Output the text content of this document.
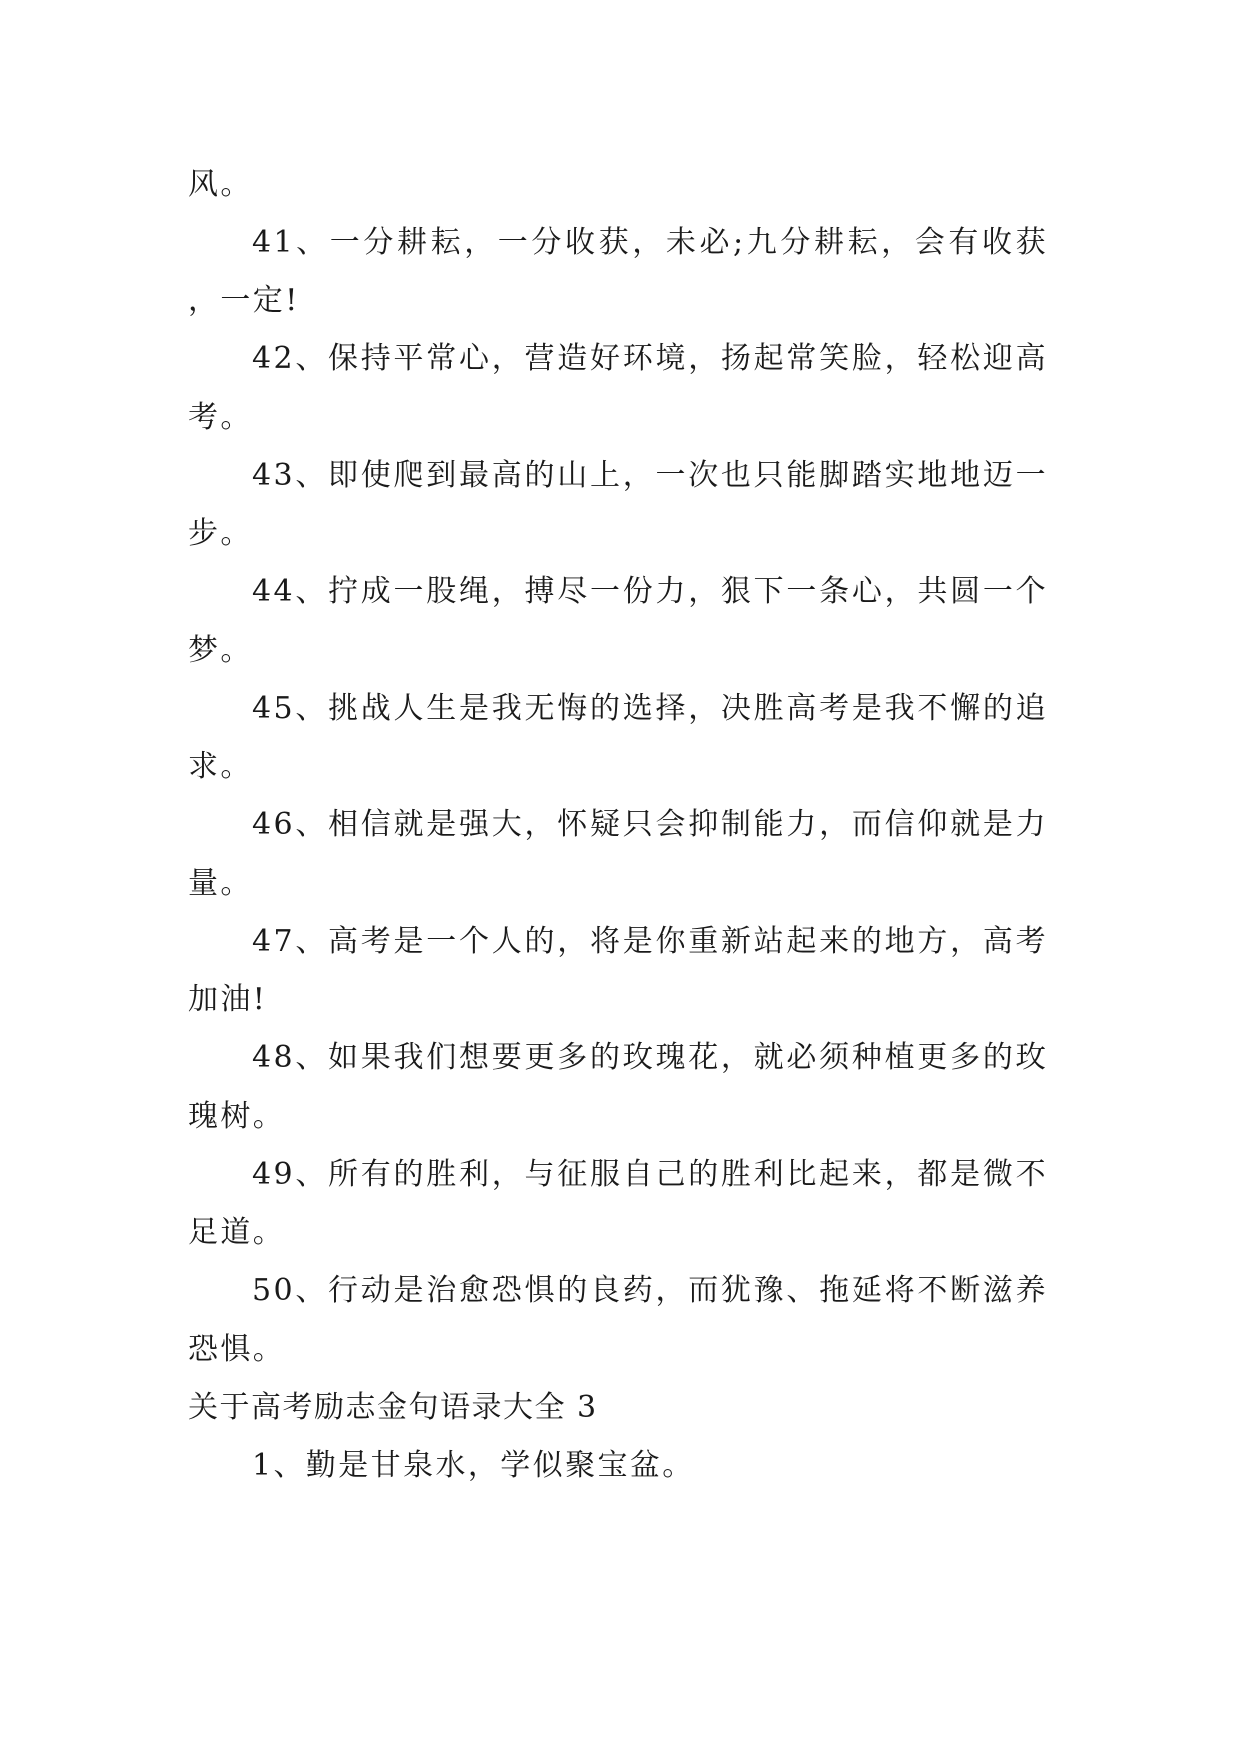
风。

41、一分耕耘，一分收获，未必;九分耕耘，会有收获，一定!

42、保持平常心，营造好环境，扬起常笑脸，轻松迎高考。

43、即使爬到最高的山上，一次也只能脚踏实地地迈一步。

44、拧成一股绳，搏尽一份力，狠下一条心，共圆一个梦。

45、挑战人生是我无悔的选择，决胜高考是我不懈的追求。

46、相信就是强大，怀疑只会抑制能力，而信仰就是力量。

47、高考是一个人的，将是你重新站起来的地方，高考加油!

48、如果我们想要更多的玫瑰花，就必须种植更多的玫瑰树。

49、所有的胜利，与征服自己的胜利比起来，都是微不足道。

50、行动是治愈恐惧的良药，而犹豫、拖延将不断滋养恐惧。

关于高考励志金句语录大全 3

1、勤是甘泉水，学似聚宝盆。
